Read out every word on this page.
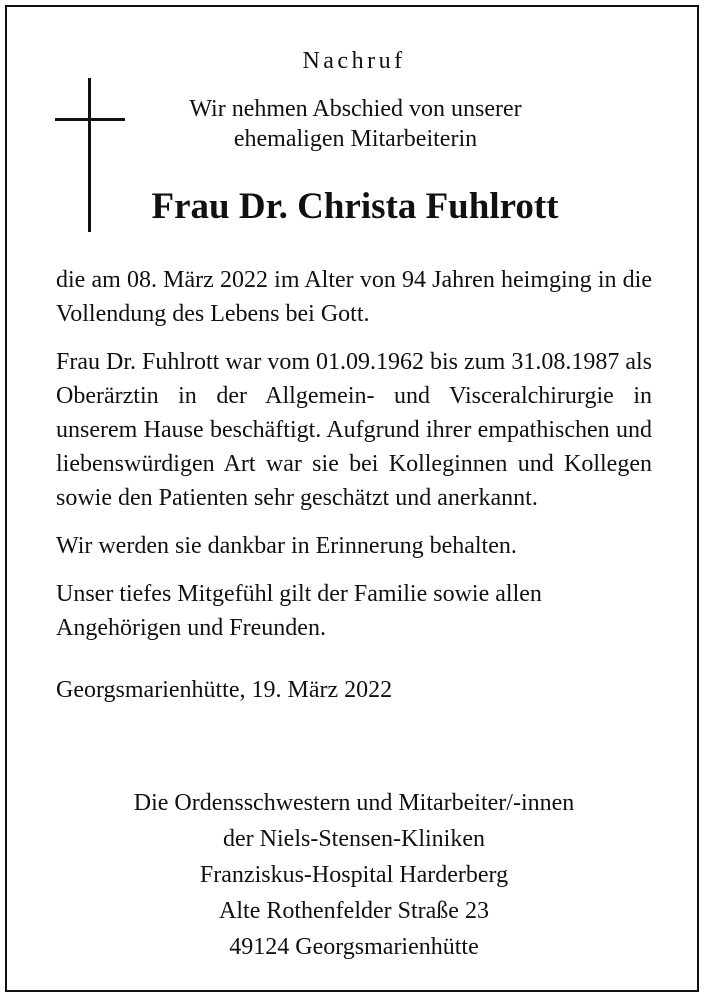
Nachruf
Wir nehmen Abschied von unserer
ehemaligen Mitarbeiterin
Frau Dr. Christa Fuhlrott

die am 08. März 2022 im Alter von 94 Jahren heimging in die Vollendung des Lebens bei Gott.

Frau Dr. Fuhlrott war vom 01.09.1962 bis zum 31.08.1987 als Oberärztin in der Allgemein- und Visceralchirurgie in unserem Hause beschäftigt. Aufgrund ihrer empathischen und liebenswürdigen Art war sie bei Kolleginnen und Kollegen sowie den Patienten sehr geschätzt und anerkannt.

Wir werden sie dankbar in Erinnerung behalten.

Unser tiefes Mitgefühl gilt der Familie sowie allen Angehörigen und Freunden.

Georgsmarienhütte, 19. März 2022

Die Ordensschwestern und Mitarbeiter/-innen
der Niels-Stensen-Kliniken
Franziskus-Hospital Harderberg
Alte Rothenfelder Straße 23
49124 Georgsmarienhütte
